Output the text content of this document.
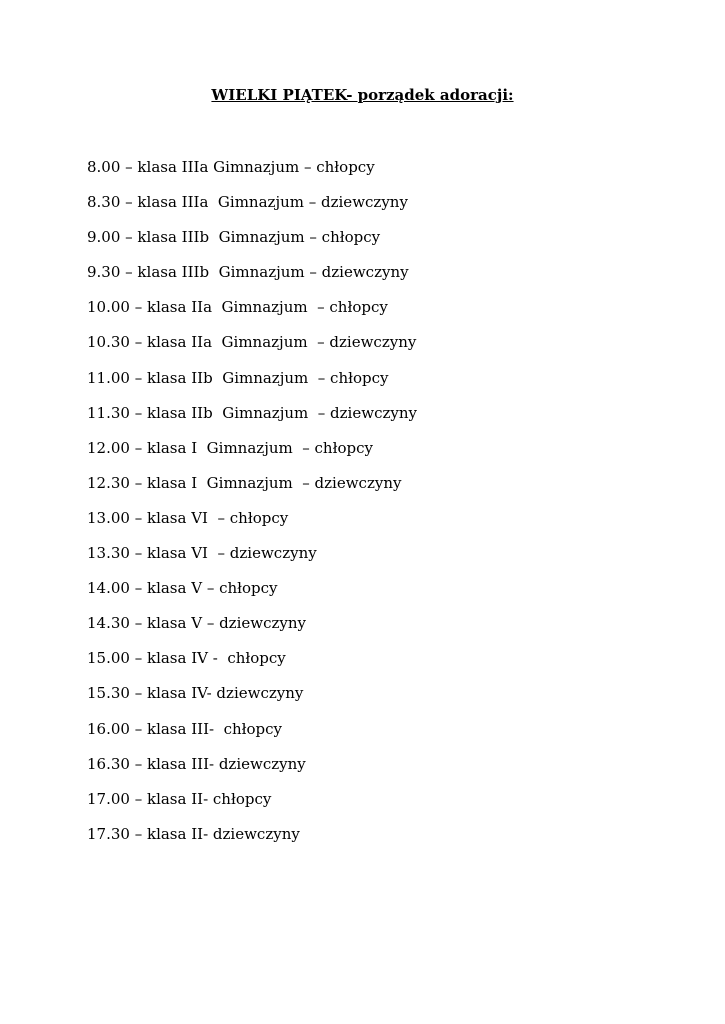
WIELKI PIĄTEK- porządek adoracji:
8.00 – klasa IIIa Gimnazjum – chłopcy
8.30 – klasa IIIa  Gimnazjum – dziewczyny
9.00 – klasa IIIb  Gimnazjum – chłopcy
9.30 – klasa IIIb  Gimnazjum – dziewczyny
10.00 – klasa IIa  Gimnazjum  – chłopcy
10.30 – klasa IIa  Gimnazjum  – dziewczyny
11.00 – klasa IIb  Gimnazjum  – chłopcy
11.30 – klasa IIb  Gimnazjum  – dziewczyny
12.00 – klasa I  Gimnazjum  – chłopcy
12.30 – klasa I  Gimnazjum  – dziewczyny
13.00 – klasa VI  – chłopcy
13.30 – klasa VI  – dziewczyny
14.00 – klasa V – chłopcy
14.30 – klasa V – dziewczyny
15.00 – klasa IV -  chłopcy
15.30 – klasa IV- dziewczyny
16.00 – klasa III-  chłopcy
16.30 – klasa III- dziewczyny
17.00 – klasa II- chłopcy
17.30 – klasa II- dziewczyny
